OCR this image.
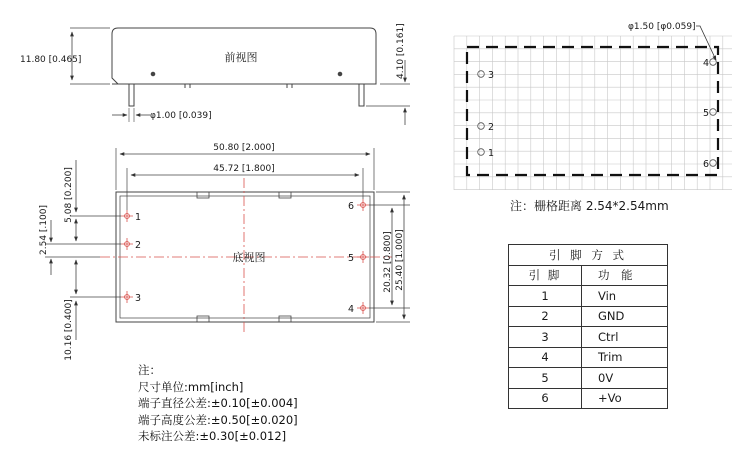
前视图
11.80 [0.465]	4.10 [0.161]
φ1.00 [0.039]
底视图
50.80 [2.000]
45.72 [1.800]
5.08 [0.200]
2.54 [.100]
10.16 [0.400]
20.32 [0.800] 25.40 [1.000]
1
2
3
4
5
6
φ1.50 [φ0.059]
3
2
1
4
5
6
注：栅格距离 2.54*2.54mm
注：
尺寸单位:mm[inch]
端子直径公差:±0.10[±0.004]
端子高度公差:±0.50[±0.020]
未标注公差:±0.30[±0.012]
引 脚 方 式	
引 脚	功 能
1	Vin
2	GND
3	Ctrl
4	Trim
5	0V
6	+Vo
